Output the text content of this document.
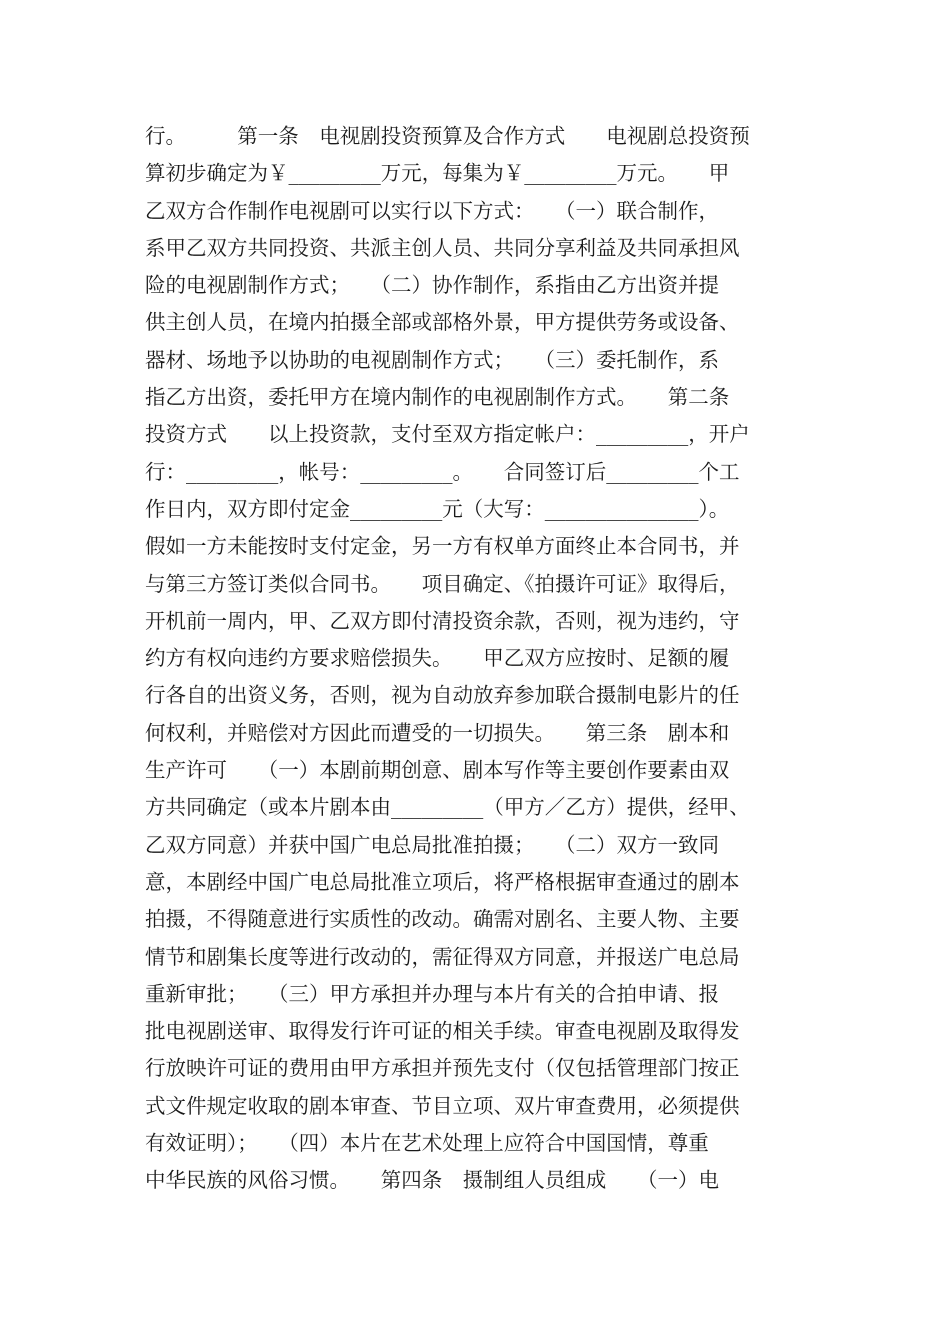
行。　　　第一条　电视剧投资预算及合作方式　　电视剧总投资预
算初步确定为￥_________万元，每集为￥_________万元。　　甲
乙双方合作制作电视剧可以实行以下方式：　　（一）联合制作，
系甲乙双方共同投资、共派主创人员、共同分享利益及共同承担风
险的电视剧制作方式；　　（二）协作制作，系指由乙方出资并提
供主创人员，在境内拍摄全部或部格外景，甲方提供劳务或设备、
器材、场地予以协助的电视剧制作方式；　　（三）委托制作，系
指乙方出资，委托甲方在境内制作的电视剧制作方式。　　第二条
投资方式　　以上投资款，支付至双方指定帐户：_________，开户
行：_________，帐号：_________。　　合同签订后_________个工
作日内，双方即付定金_________元（大写：_______________）。
假如一方未能按时支付定金，另一方有权单方面终止本合同书，并
与第三方签订类似合同书。　　项目确定、《拍摄许可证》取得后，
开机前一周内，甲、乙双方即付清投资余款，否则，视为违约，守
约方有权向违约方要求赔偿损失。　　甲乙双方应按时、足额的履
行各自的出资义务，否则，视为自动放弃参加联合摄制电影片的任
何权利，并赔偿对方因此而遭受的一切损失。　　第三条　剧本和
生产许可　　（一）本剧前期创意、剧本写作等主要创作要素由双
方共同确定（或本片剧本由_________（甲方／乙方）提供，经甲、
乙双方同意）并获中国广电总局批准拍摄；　　（二）双方一致同
意，本剧经中国广电总局批准立项后，将严格根据审查通过的剧本
拍摄，不得随意进行实质性的改动。确需对剧名、主要人物、主要
情节和剧集长度等进行改动的，需征得双方同意，并报送广电总局
重新审批；　　（三）甲方承担并办理与本片有关的合拍申请、报
批电视剧送审、取得发行许可证的相关手续。审查电视剧及取得发
行放映许可证的费用由甲方承担并预先支付（仅包括管理部门按正
式文件规定收取的剧本审查、节目立项、双片审查费用，必须提供
有效证明）；　　（四）本片在艺术处理上应符合中国国情，尊重
中华民族的风俗习惯。　　第四条　摄制组人员组成　　（一）电
